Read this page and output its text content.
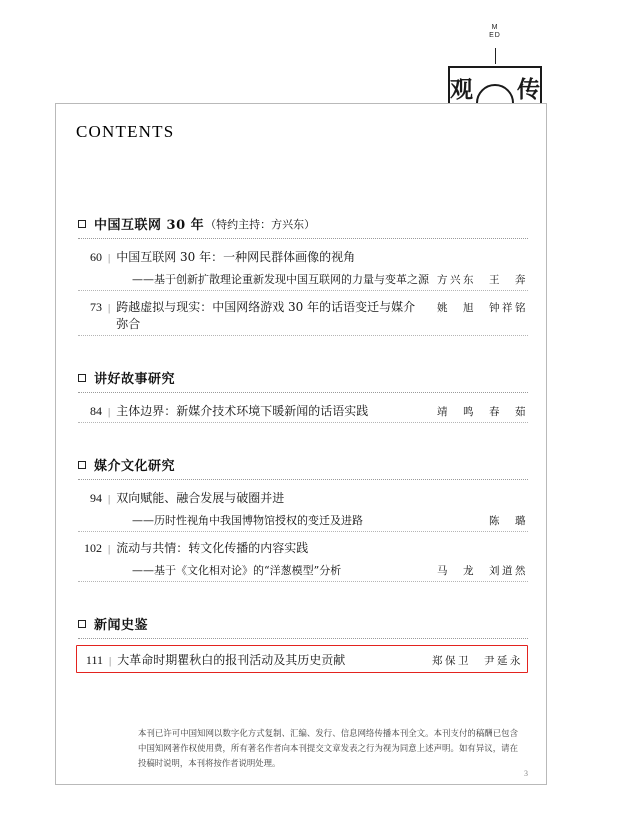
MED
观 传
CONTENTS
中国互联网 30 年 （特约主持：方兴东）
60 | 中国互联网 30 年：一种网民群体画像的视角
——基于创新扩散理论重新发现中国互联网的力量与变革之源 方兴东　王　奔
73 | 跨越虚拟与现实：中国网络游戏 30 年的话语变迁与媒介弥合
姚　旭　钟祥铭
讲好故事研究
84 | 主体边界：新媒介技术环境下暖新闻的话语实践	靖　鸣　春　茹
媒介文化研究
94 | 双向赋能、融合发展与破圈并进
——历时性视角中我国博物馆授权的变迁及进路	陈　璐
102 | 流动与共情：转文化传播的内容实践
——基于《文化相对论》的“洋葱模型”分析	马　龙　刘道然
新闻史鉴
111 | 大革命时期瞿秋白的报刊活动及其历史贡献	郑保卫　尹延永
本刊已许可中国知网以数字化方式复制、汇编、发行、信息网络传播本刊全文。本刊支付的稿酬已包含中国知网著作权使用费，所有著名作者向本刊提交文章发表之行为视为同意上述声明。如有异议，请在投稿时说明，本刊将按作者说明处理。
3
